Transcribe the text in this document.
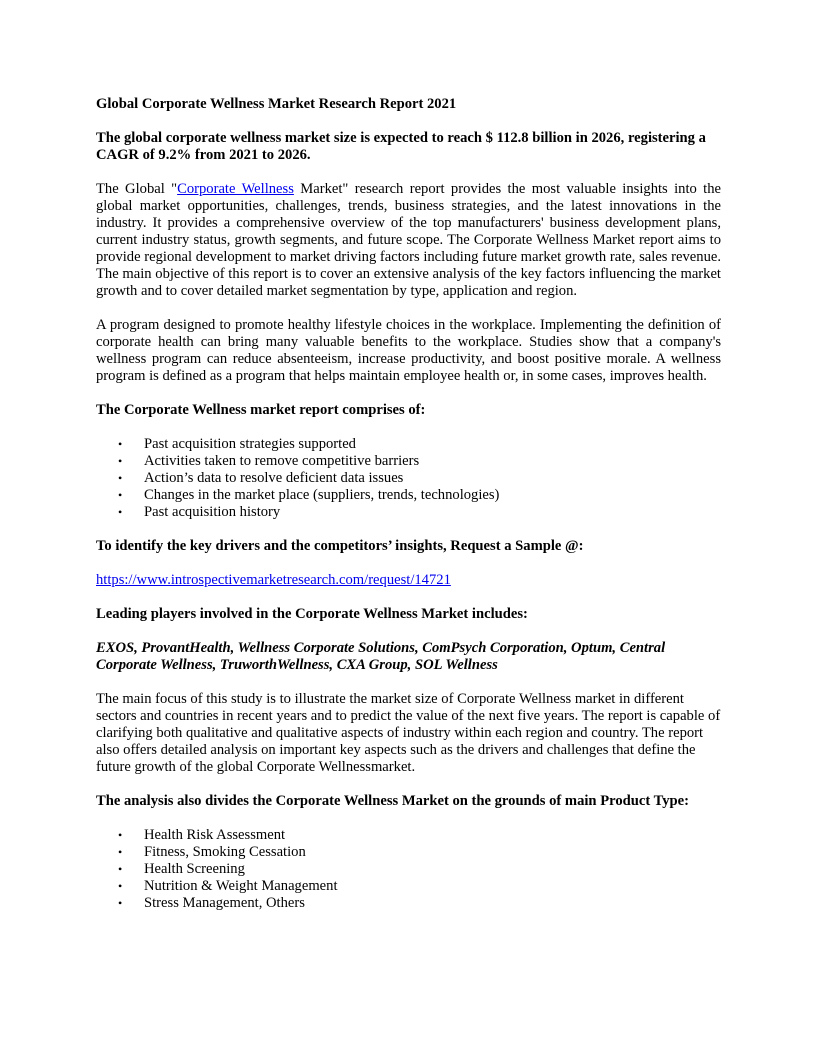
Global Corporate Wellness Market Research Report 2021

The global corporate wellness market size is expected to reach $ 112.8 billion in 2026, registering a CAGR of 9.2% from 2021 to 2026.

The Global "Corporate Wellness Market" research report provides the most valuable insights into the global market opportunities, challenges, trends, business strategies, and the latest innovations in the industry. It provides a comprehensive overview of the top manufacturers' business development plans, current industry status, growth segments, and future scope. The Corporate Wellness Market report aims to provide regional development to market driving factors including future market growth rate, sales revenue. The main objective of this report is to cover an extensive analysis of the key factors influencing the market growth and to cover detailed market segmentation by type, application and region.

A program designed to promote healthy lifestyle choices in the workplace. Implementing the definition of corporate health can bring many valuable benefits to the workplace. Studies show that a company's wellness program can reduce absenteeism, increase productivity, and boost positive morale. A wellness program is defined as a program that helps maintain employee health or, in some cases, improves health.

The Corporate Wellness market report comprises of:

• Past acquisition strategies supported
• Activities taken to remove competitive barriers
• Action’s data to resolve deficient data issues
• Changes in the market place (suppliers, trends, technologies)
• Past acquisition history

To identify the key drivers and the competitors’ insights, Request a Sample @:

https://www.introspectivemarketresearch.com/request/14721

Leading players involved in the Corporate Wellness Market includes:

EXOS, ProvantHealth, Wellness Corporate Solutions, ComPsych Corporation, Optum, Central Corporate Wellness, TruworthWellness, CXA Group, SOL Wellness

The main focus of this study is to illustrate the market size of Corporate Wellness market in different sectors and countries in recent years and to predict the value of the next five years. The report is capable of clarifying both qualitative and qualitative aspects of industry within each region and country. The report also offers detailed analysis on important key aspects such as the drivers and challenges that define the future growth of the global Corporate Wellnessmarket.

The analysis also divides the Corporate Wellness Market on the grounds of main Product Type:

• Health Risk Assessment
• Fitness, Smoking Cessation
• Health Screening
• Nutrition & Weight Management
• Stress Management, Others
